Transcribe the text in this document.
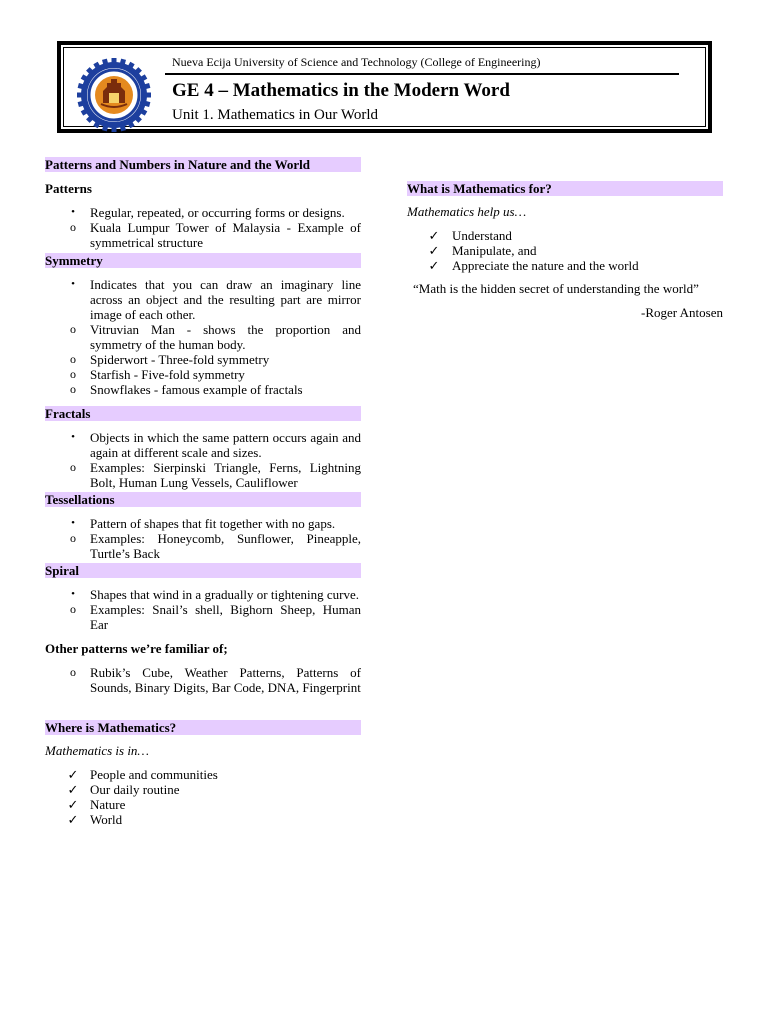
Nueva Ecija University of Science and Technology (College of Engineering)
GE 4 – Mathematics in the Modern Word
Unit 1. Mathematics in Our World
Patterns and Numbers in Nature and the World
Patterns
•	Regular, repeated, or occurring forms or designs.
o	Kuala Lumpur Tower of Malaysia - Example of symmetrical structure
Symmetry
•	Indicates that you can draw an imaginary line across an object and the resulting part are mirror image of each other.
o	Vitruvian Man - shows the proportion and symmetry of the human body.
o	Spiderwort - Three-fold symmetry
o	Starfish - Five-fold symmetry
o	Snowflakes - famous example of fractals
Fractals
•	Objects in which the same pattern occurs again and again at different scale and sizes.
o	Examples: Sierpinski Triangle, Ferns, Lightning Bolt, Human Lung Vessels, Cauliflower
Tessellations
•	Pattern of shapes that fit together with no gaps.
o	Examples: Honeycomb, Sunflower, Pineapple, Turtle’s Back
Spiral
•	Shapes that wind in a gradually or tightening curve.
o	Examples: Snail’s shell, Bighorn Sheep, Human Ear
Other patterns we’re familiar of;
o	Rubik’s Cube, Weather Patterns, Patterns of Sounds, Binary Digits, Bar Code, DNA, Fingerprint
Where is Mathematics?
Mathematics is in…
✓ People and communities
✓ Our daily routine
✓ Nature
✓ World
What is Mathematics for?
Mathematics help us…
✓ Understand
✓ Manipulate, and
✓ Appreciate the nature and the world
“Math is the hidden secret of understanding the world”
-Roger Antosen
